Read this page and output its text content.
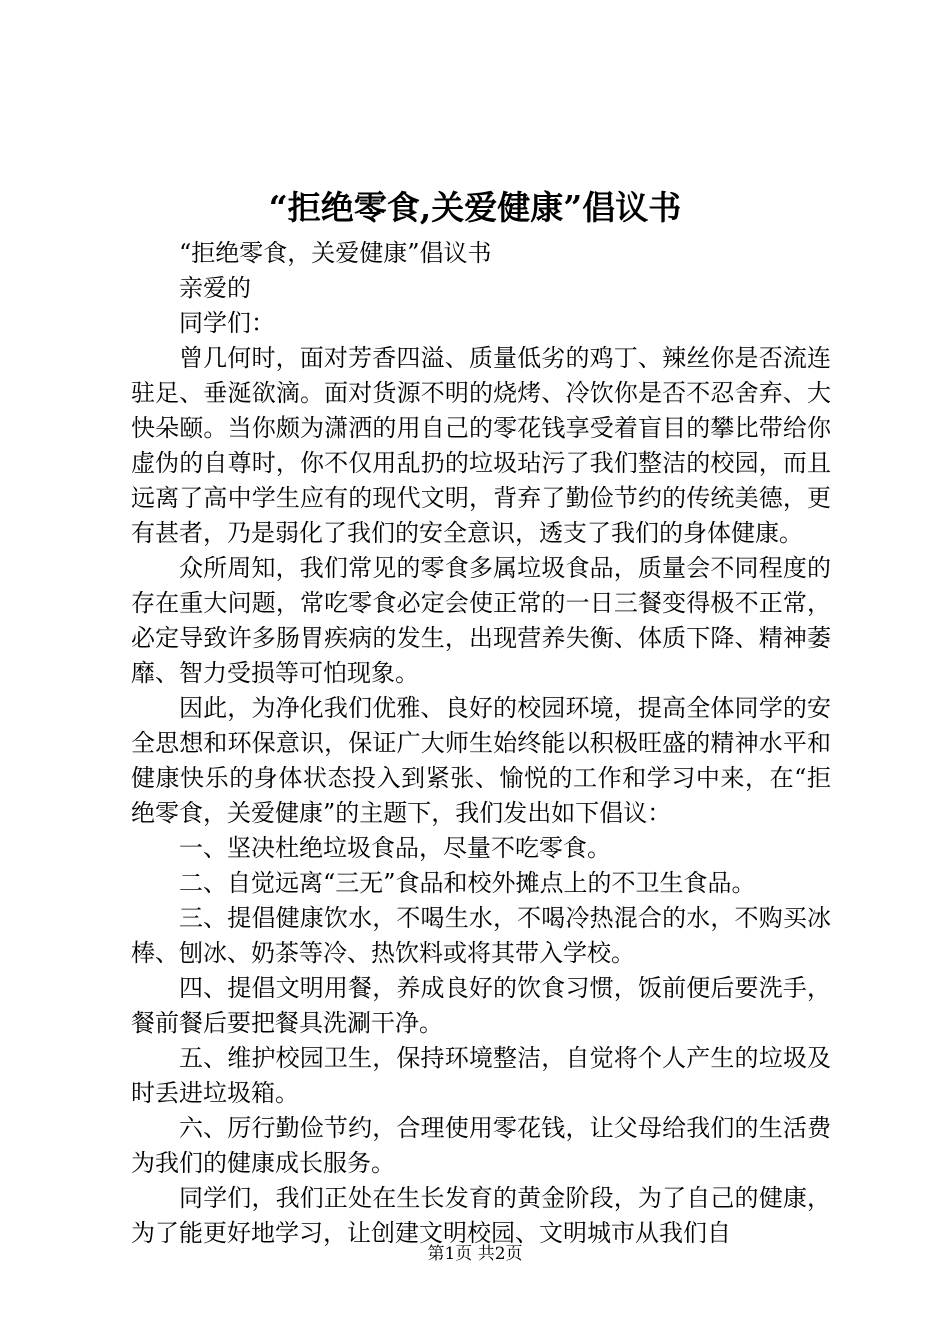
“拒绝零食,关爱健康”倡议书

“拒绝零食，关爱健康”倡议书

亲爱的

同学们：

曾几何时，面对芳香四溢、质量低劣的鸡丁、辣丝你是否流连驻足、垂涎欲滴。面对货源不明的烧烤、冷饮你是否不忍舍弃、大快朵颐。当你颇为潇洒的用自己的零花钱享受着盲目的攀比带给你虚伪的自尊时，你不仅用乱扔的垃圾玷污了我们整洁的校园，而且远离了高中学生应有的现代文明，背弃了勤俭节约的传统美德，更有甚者，乃是弱化了我们的安全意识，透支了我们的身体健康。

众所周知，我们常见的零食多属垃圾食品，质量会不同程度的存在重大问题，常吃零食必定会使正常的一日三餐变得极不正常，必定导致许多肠胃疾病的发生，出现营养失衡、体质下降、精神萎靡、智力受损等可怕现象。

因此，为净化我们优雅、良好的校园环境，提高全体同学的安全思想和环保意识，保证广大师生始终能以积极旺盛的精神水平和健康快乐的身体状态投入到紧张、愉悦的工作和学习中来，在“拒绝零食，关爱健康”的主题下，我们发出如下倡议：

一、坚决杜绝垃圾食品，尽量不吃零食。

二、自觉远离“三无”食品和校外摊点上的不卫生食品。

三、提倡健康饮水，不喝生水，不喝冷热混合的水，不购买冰棒、刨冰、奶茶等冷、热饮料或将其带入学校。

四、提倡文明用餐，养成良好的饮食习惯，饭前便后要洗手，餐前餐后要把餐具洗涮干净。

五、维护校园卫生，保持环境整洁，自觉将个人产生的垃圾及时丢进垃圾箱。

六、厉行勤俭节约，合理使用零花钱，让父母给我们的生活费为我们的健康成长服务。

同学们，我们正处在生长发育的黄金阶段，为了自己的健康，为了能更好地学习，让创建文明校园、文明城市从我们自

第1页 共2页
